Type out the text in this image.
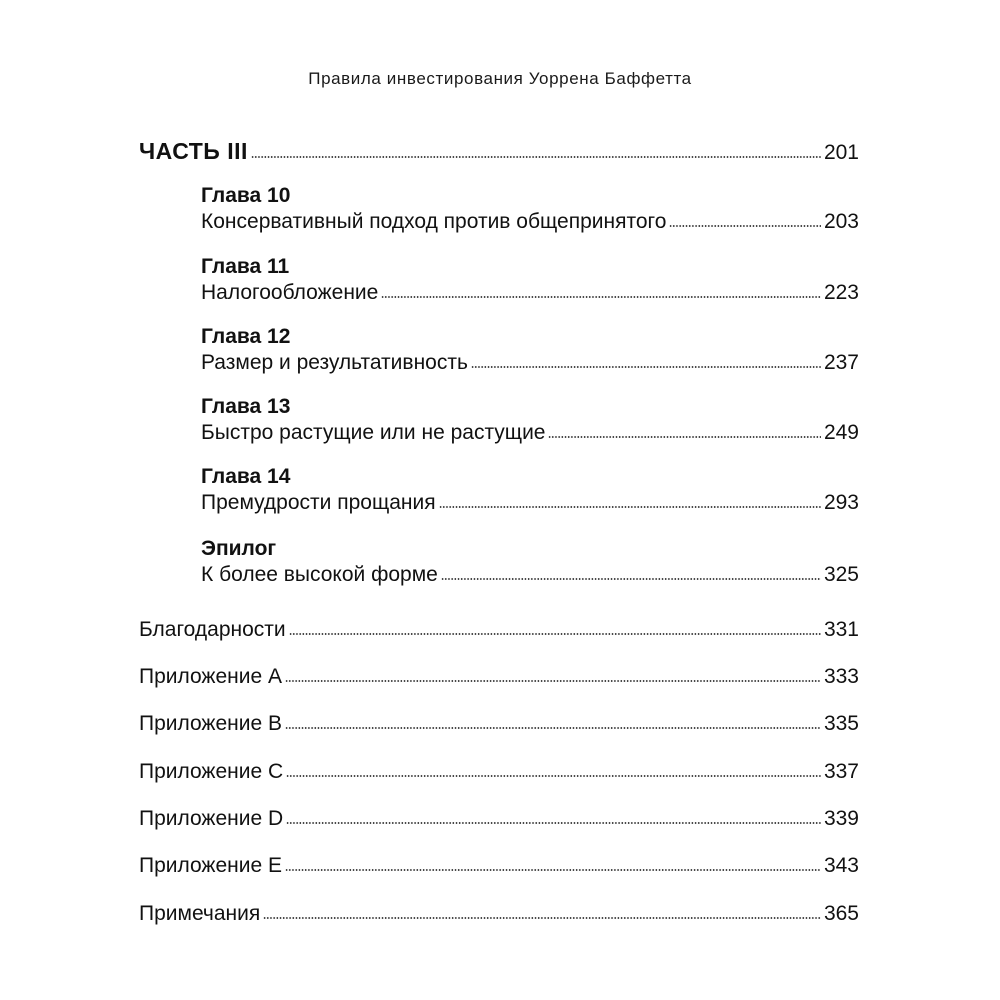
Правила инвестирования Уоррена Баффетта
ЧАСТЬ III	201
Глава 10
Консервативный подход против общепринятого	203
Глава 11
Налогообложение	223
Глава 12
Размер и результативность	237
Глава 13
Быстро растущие или не растущие	249
Глава 14
Премудрости прощания	293
Эпилог
К более высокой форме	325
Благодарности	331
Приложение А	333
Приложение B	335
Приложение C	337
Приложение D	339
Приложение Е	343
Примечания	365
